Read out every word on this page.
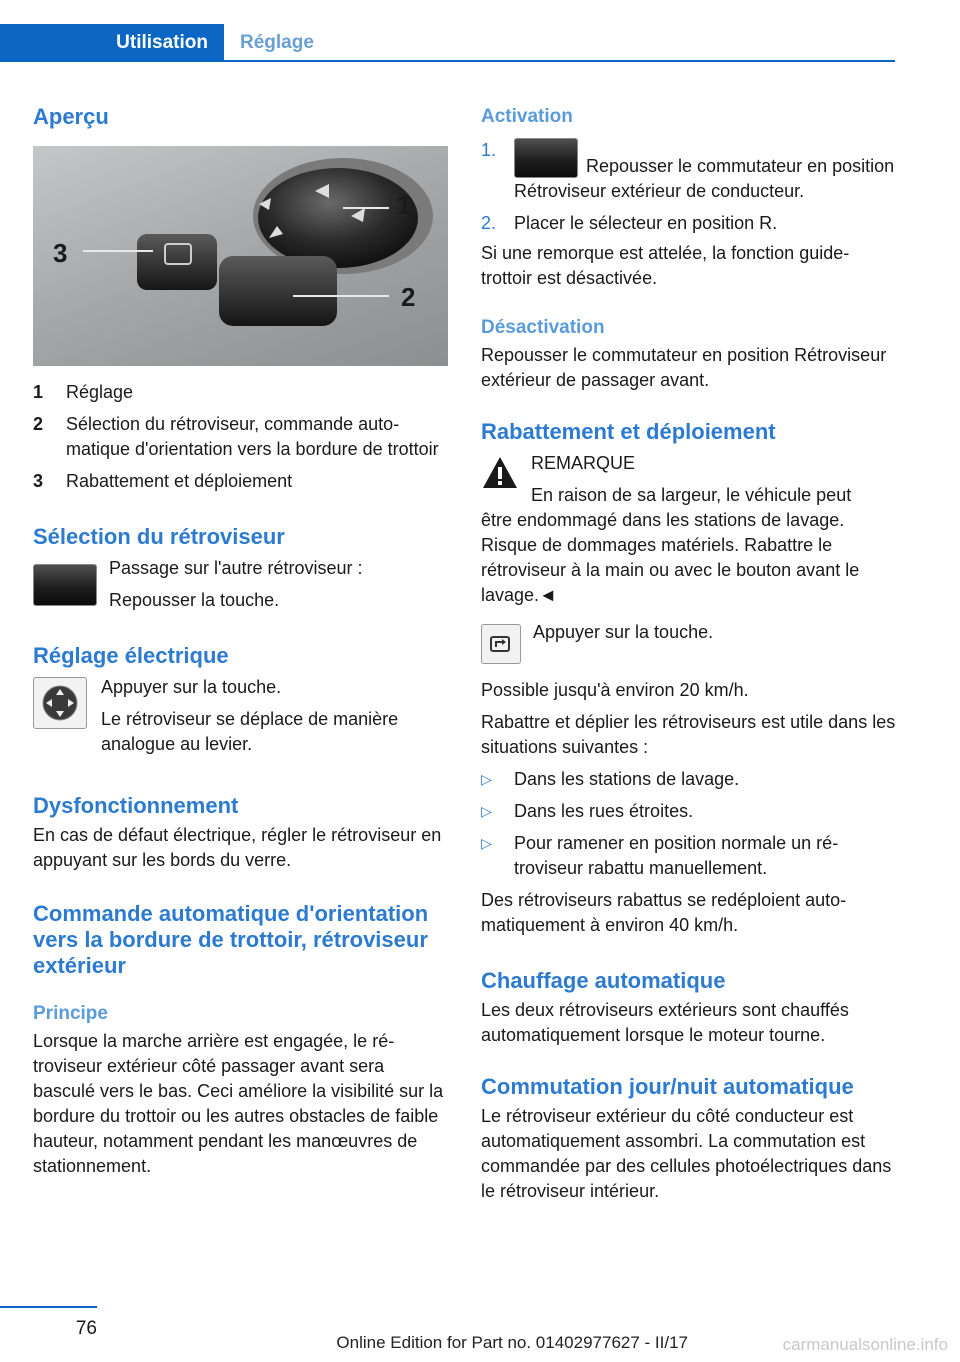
Utilisation	Réglage
Aperçu
1
2
3
1	Réglage
2	Sélection du rétroviseur, commande automatique d'orientation vers la bordure de trottoir
3	Rabattement et déploiement
Sélection du rétroviseur

Passage sur l'autre rétroviseur :

Repousser la touche.

Réglage électrique

Appuyer sur la touche.

Le rétroviseur se déplace de manière analogue au levier.

Dysfonctionnement

En cas de défaut électrique, régler le rétroviseur en appuyant sur les bords du verre.

Commande automatique d'orientation vers la bordure de trottoir, rétroviseur extérieur
Principe

Lorsque la marche arrière est engagée, le rétroviseur extérieur côté passager avant sera basculé vers le bas. Ceci améliore la visibilité sur la bordure du trottoir ou les autres obstacles de faible hauteur, notamment pendant les manœuvres de stationnement.

Activation
1.
Repousser le commutateur en position Rétroviseur extérieur de conducteur.
2. Placer le sélecteur en position R.

Si une remorque est attelée, la fonction guide-trottoir est désactivée.

Désactivation

Repousser le commutateur en position Rétroviseur extérieur de passager avant.

Rabattement et déploiement

REMARQUE

En raison de sa largeur, le véhicule peut

être endommagé dans les stations de lavage. Risque de dommages matériels. Rabattre le rétroviseur à la main ou avec le bouton avant le lavage.◄

Appuyer sur la touche.

Possible jusqu'à environ 20 km/h.

Rabattre et déplier les rétroviseurs est utile dans les situations suivantes :

▷	Dans les stations de lavage.
▷	Dans les rues étroites.
▷	Pour ramener en position normale un rétroviseur rabattu manuellement.

Des rétroviseurs rabattus se redéploient automatiquement à environ 40 km/h.

Chauffage automatique

Les deux rétroviseurs extérieurs sont chauffés automatiquement lorsque le moteur tourne.

Commutation jour/nuit automatique

Le rétroviseur extérieur du côté conducteur est automatiquement assombri. La commutation est commandée par des cellules photoélectriques dans le rétroviseur intérieur.

76
Online Edition for Part no. 01402977627 - II/17	carmanualsonline.info
